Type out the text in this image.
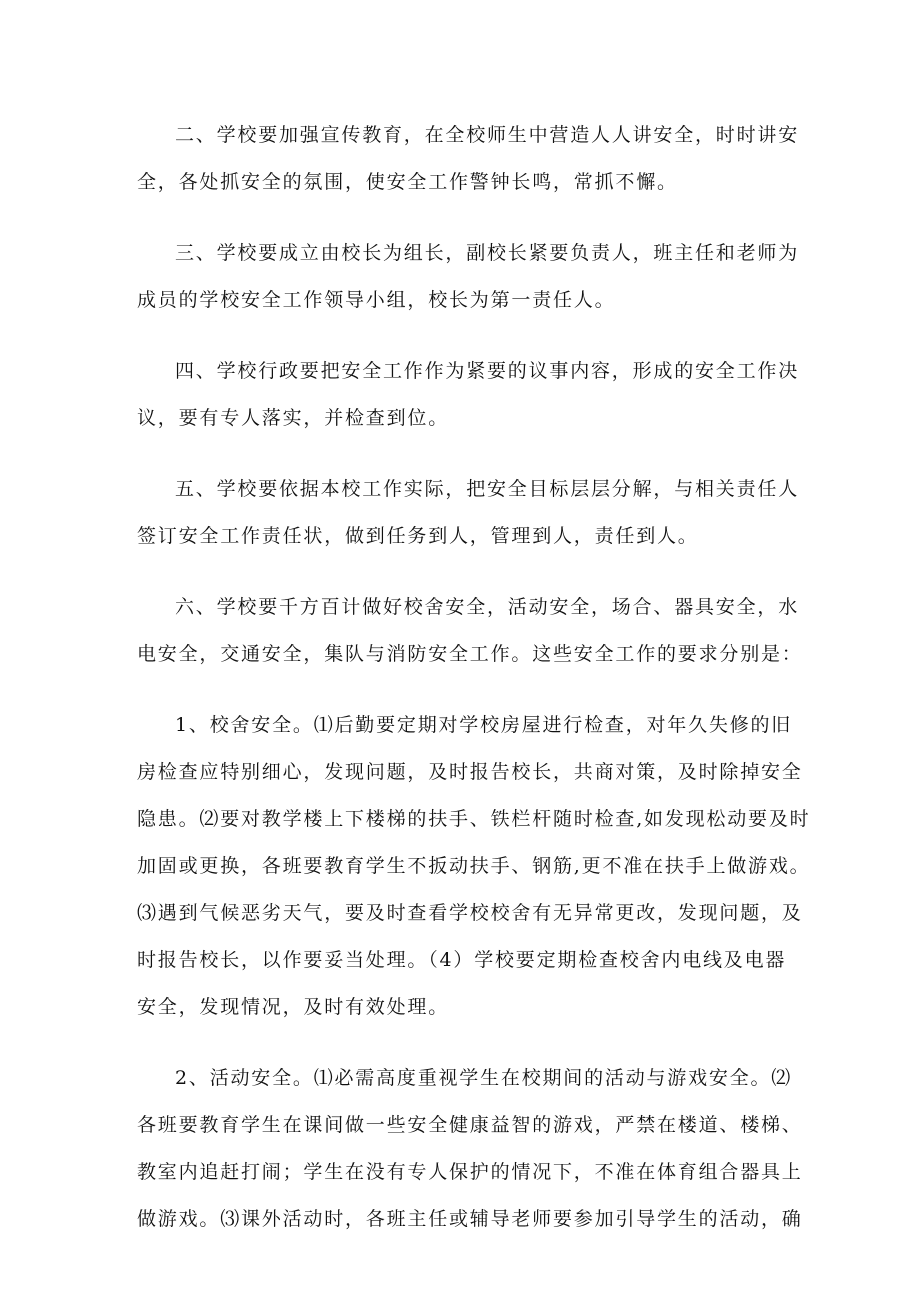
二、学校要加强宣传教育，在全校师生中营造人人讲安全，时时讲安
全，各处抓安全的氛围，使安全工作警钟长鸣，常抓不懈。

三、学校要成立由校长为组长，副校长紧要负责人，班主任和老师为
成员的学校安全工作领导小组，校长为第一责任人。

四、学校行政要把安全工作作为紧要的议事内容，形成的安全工作决
议，要有专人落实，并检查到位。

五、学校要依据本校工作实际，把安全目标层层分解，与相关责任人
签订安全工作责任状，做到任务到人，管理到人，责任到人。

六、学校要千方百计做好校舍安全，活动安全，场合、器具安全，水
电安全，交通安全，集队与消防安全工作。这些安全工作的要求分别是：

1、校舍安全。⑴后勤要定期对学校房屋进行检查，对年久失修的旧
房检查应特别细心，发现问题，及时报告校长，共商对策，及时除掉安全
隐患。⑵要对教学楼上下楼梯的扶手、铁栏杆随时检查,如发现松动要及时
加固或更换，各班要教育学生不扳动扶手、钢筋,更不准在扶手上做游戏。
⑶遇到气候恶劣天气，要及时查看学校校舍有无异常更改，发现问题，及
时报告校长，以作要妥当处理。（4）学校要定期检查校舍内电线及电器
安全，发现情况，及时有效处理。

2、活动安全。⑴必需高度重视学生在校期间的活动与游戏安全。⑵
各班要教育学生在课间做一些安全健康益智的游戏，严禁在楼道、楼梯、
教室内追赶打闹；学生在没有专人保护的情况下，不准在体育组合器具上
做游戏。⑶课外活动时，各班主任或辅导老师要参加引导学生的活动，确
